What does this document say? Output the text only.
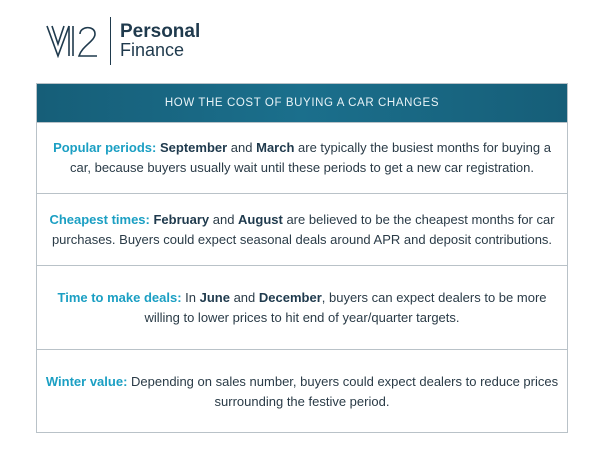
Personal
Finance
HOW THE COST OF BUYING A CAR CHANGES

Popular periods: September and March are typically the busiest months for buying a car, because buyers usually wait until these periods to get a new car registration.

Cheapest times: February and August are believed to be the cheapest months for car purchases. Buyers could expect seasonal deals around APR and deposit contributions.

Time to make deals: In June and December, buyers can expect dealers to be more willing to lower prices to hit end of year/quarter targets.

Winter value: Depending on sales number, buyers could expect dealers to reduce prices surrounding the festive period.
